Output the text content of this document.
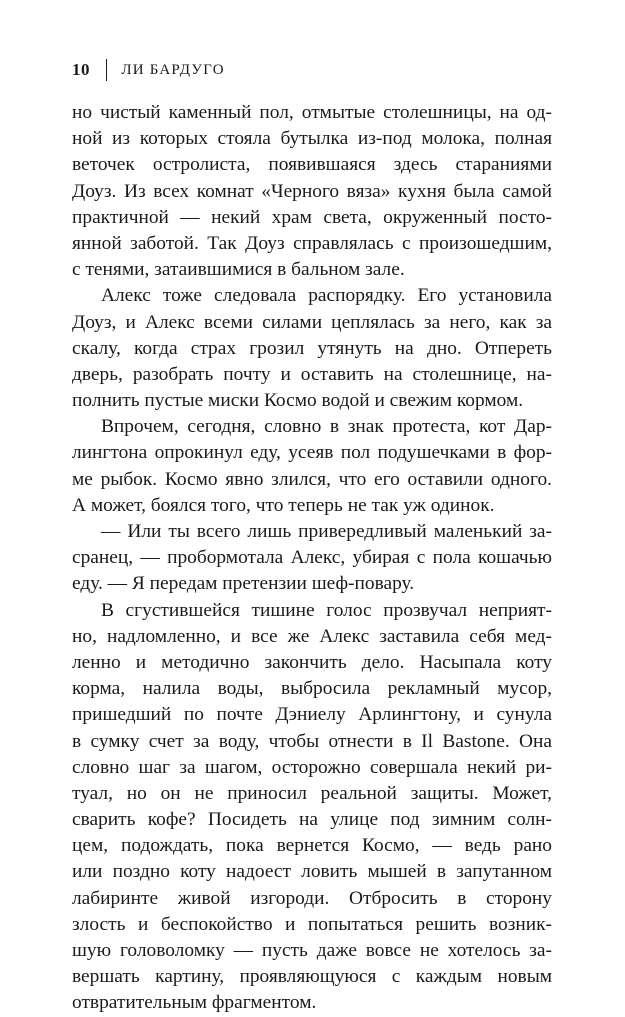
10 ЛИ БАРДУГО
но чистый каменный пол, отмытые столешницы, на од-
ной из которых стояла бутылка из-под молока, полная
веточек остролиста, появившаяся здесь стараниями
Доуз. Из всех комнат «Черного вяза» кухня была самой
практичной — некий храм света, окруженный посто-
янной заботой. Так Доуз справлялась с произошедшим,
с тенями, затаившимися в бальном зале.
Алекс тоже следовала распорядку. Его установила
Доуз, и Алекс всеми силами цеплялась за него, как за
скалу, когда страх грозил утянуть на дно. Отпереть
дверь, разобрать почту и оставить на столешнице, на-
полнить пустые миски Космо водой и свежим кормом.
Впрочем, сегодня, словно в знак протеста, кот Дар-
лингтона опрокинул еду, усеяв пол подушечками в фор-
ме рыбок. Космо явно злился, что его оставили одного.
А может, боялся того, что теперь не так уж одинок.
— Или ты всего лишь привередливый маленький за-
сранец, — пробормотала Алекс, убирая с пола кошачью
еду. — Я передам претензии шеф-повару.
В сгустившейся тишине голос прозвучал неприят-
но, надломленно, и все же Алекс заставила себя мед-
ленно и методично закончить дело. Насыпала коту
корма, налила воды, выбросила рекламный мусор,
пришедший по почте Дэниелу Арлингтону, и сунула
в сумку счет за воду, чтобы отнести в Il Bastone. Она
словно шаг за шагом, осторожно совершала некий ри-
туал, но он не приносил реальной защиты. Может,
сварить кофе? Посидеть на улице под зимним солн-
цем, подождать, пока вернется Космо, — ведь рано
или поздно коту надоест ловить мышей в запутанном
лабиринте живой изгороди. Отбросить в сторону
злость и беспокойство и попытаться решить возник-
шую головоломку — пусть даже вовсе не хотелось за-
вершать картину, проявляющуюся с каждым новым
отвратительным фрагментом.
